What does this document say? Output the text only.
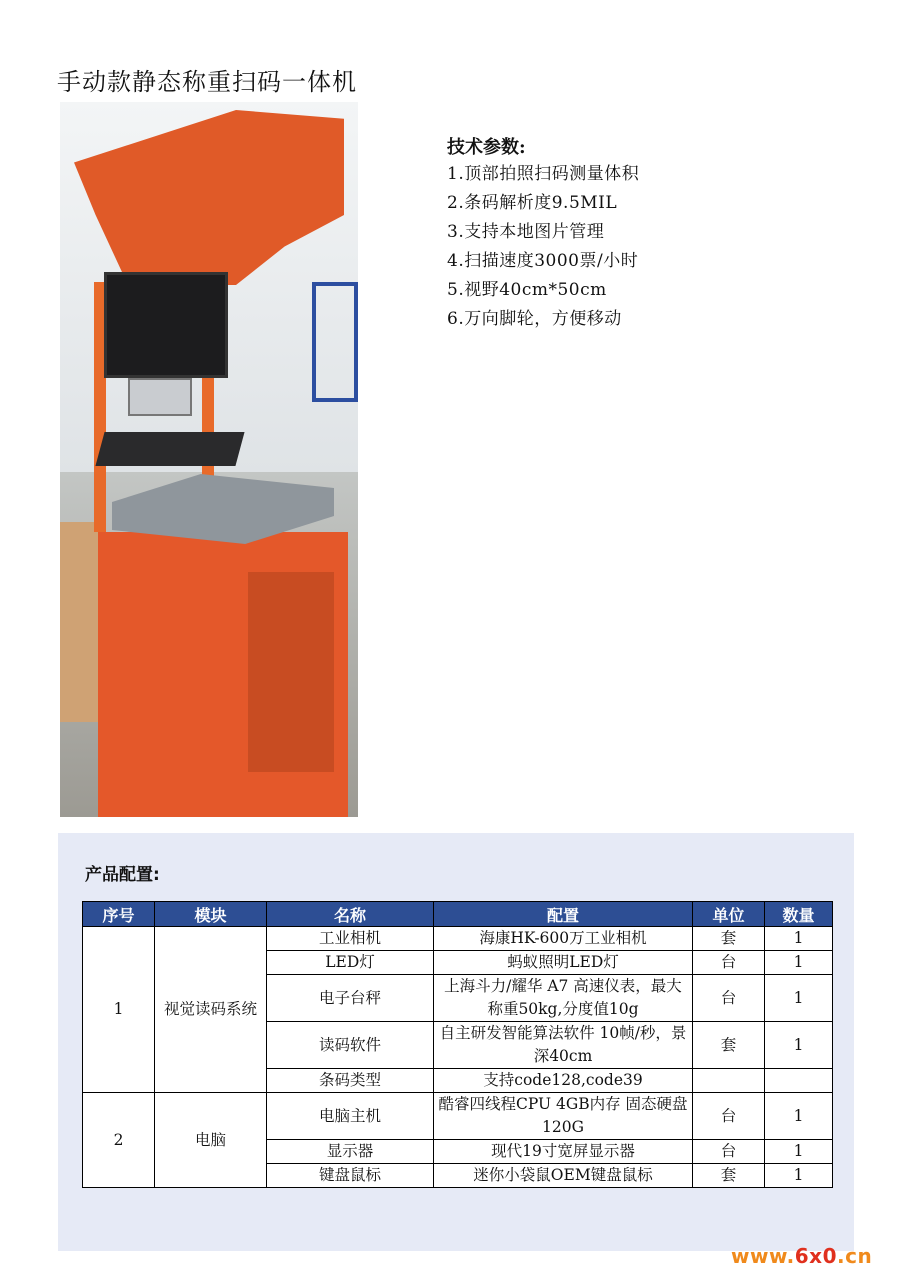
手动款静态称重扫码一体机
技术参数:
1.顶部拍照扫码测量体积
2.条码解析度9.5MIL
3.支持本地图片管理
4.扫描速度3000票/小时
5.视野40cm*50cm
6.万向脚轮，方便移动
产品配置:
序号	模块	名称	配置	单位	数量
1	视觉读码系统	工业相机	海康HK-600万工业相机	套	1
		LED灯	蚂蚁照明LED灯	台	1
		电子台秤	上海斗力/耀华 A7 高速仪表，最大称重50kg,分度值10g	台	1
		读码软件	自主研发智能算法软件 10帧/秒，景深40cm	套	1
		条码类型	支持code128,code39		
2	电脑	电脑主机	酷睿四线程CPU 4GB内存 固态硬盘120G	台	1
		显示器	现代19寸宽屏显示器	台	1
		键盘鼠标	迷你小袋鼠OEM键盘鼠标	套	1
www.6x0.cn
